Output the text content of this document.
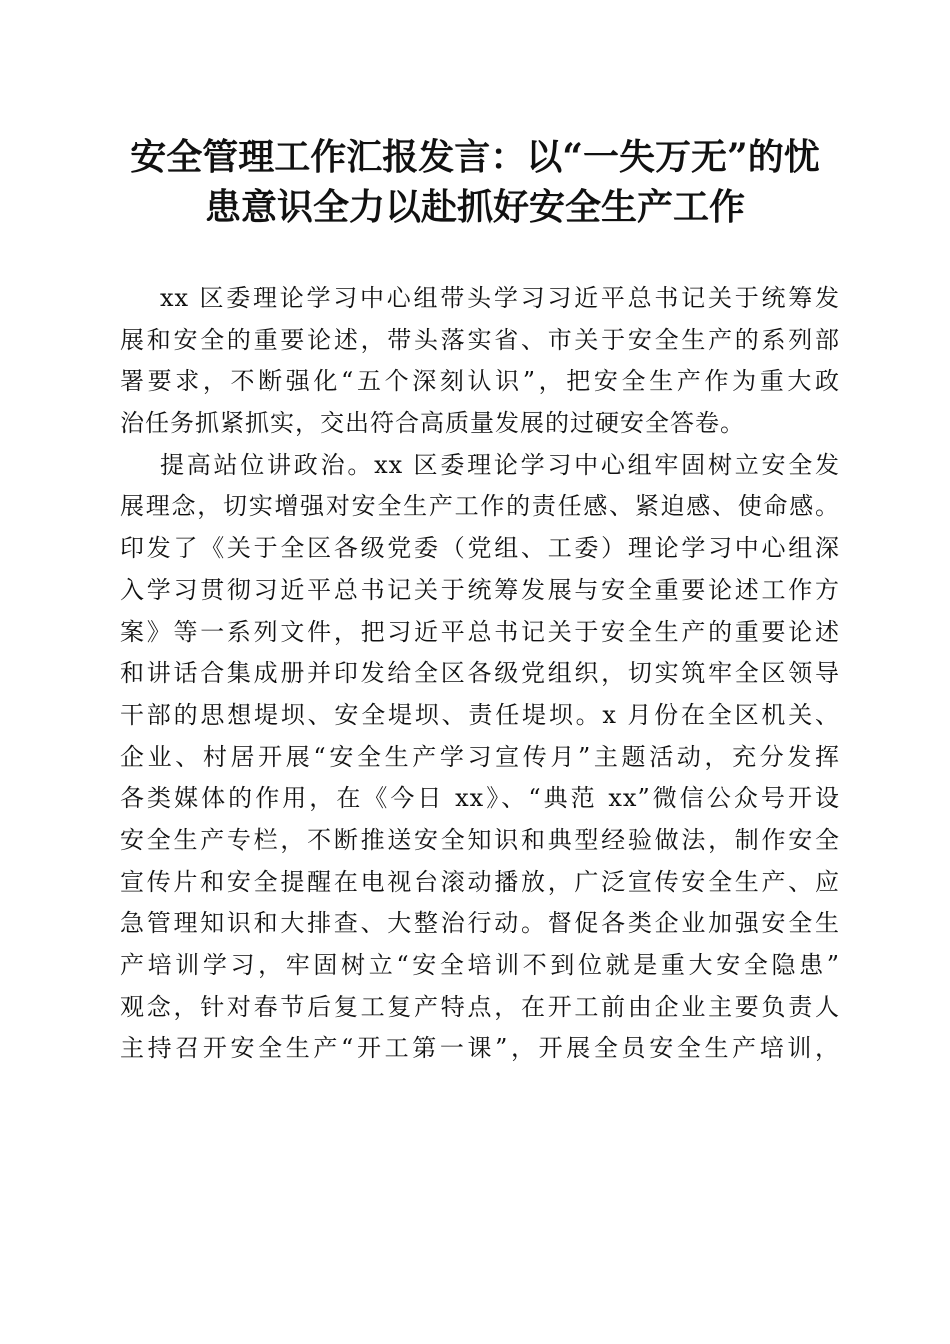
安全管理工作汇报发言：以“一失万无”的忧
患意识全力以赴抓好安全生产工作

xx 区委理论学习中心组带头学习习近平总书记关于统筹发
展和安全的重要论述，带头落实省、市关于安全生产的系列部
署要求，不断强化“五个深刻认识”，把安全生产作为重大政
治任务抓紧抓实，交出符合高质量发展的过硬安全答卷。

提高站位讲政治。xx 区委理论学习中心组牢固树立安全发
展理念，切实增强对安全生产工作的责任感、紧迫感、使命感。
印发了《关于全区各级党委（党组、工委）理论学习中心组深
入学习贯彻习近平总书记关于统筹发展与安全重要论述工作方
案》等一系列文件，把习近平总书记关于安全生产的重要论述
和讲话合集成册并印发给全区各级党组织，切实筑牢全区领导
干部的思想堤坝、安全堤坝、责任堤坝。x 月份在全区机关、
企业、村居开展“安全生产学习宣传月”主题活动，充分发挥
各类媒体的作用，在《今日 xx》、“典范 xx”微信公众号开设
安全生产专栏，不断推送安全知识和典型经验做法，制作安全
宣传片和安全提醒在电视台滚动播放，广泛宣传安全生产、应
急管理知识和大排查、大整治行动。督促各类企业加强安全生
产培训学习，牢固树立“安全培训不到位就是重大安全隐患”
观念，针对春节后复工复产特点，在开工前由企业主要负责人
主持召开安全生产“开工第一课”，开展全员安全生产培训，
